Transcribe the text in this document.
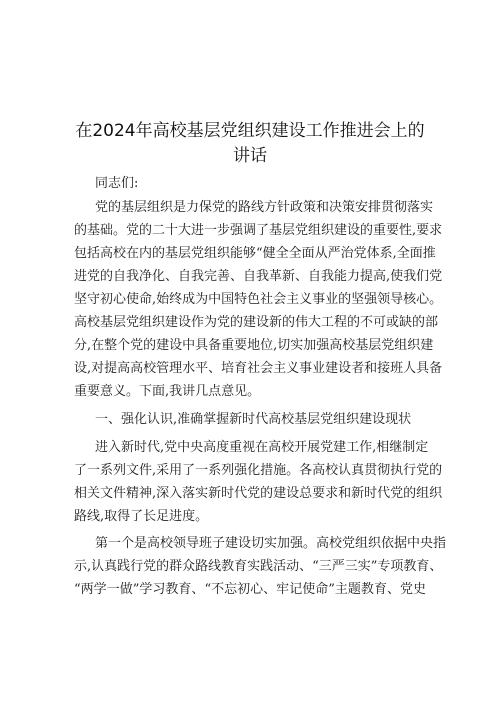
在2024年高校基层党组织建设工作推进会上的
讲话
同志们:
党的基层组织是力保党的路线方针政策和决策安排贯彻落实
的基础。党的二十大进一步强调了基层党组织建设的重要性,要求
包括高校在内的基层党组织能够“健全全面从严治党体系,全面推
进党的自我净化、自我完善、自我革新、自我能力提高,使我们党
坚守初心使命,始终成为中国特色社会主义事业的坚强领导核心。
高校基层党组织建设作为党的建设新的伟大工程的不可或缺的部
分,在整个党的建设中具备重要地位,切实加强高校基层党组织建
设,对提高高校管理水平、培育社会主义事业建设者和接班人具备
重要意义。下面,我讲几点意见。
一、强化认识,准确掌握新时代高校基层党组织建设现状
进入新时代,党中央高度重视在高校开展党建工作,相继制定
了一系列文件,采用了一系列强化措施。各高校认真贯彻执行党的
相关文件精神,深入落实新时代党的建设总要求和新时代党的组织
路线,取得了长足进度。
第一个是高校领导班子建设切实加强。高校党组织依据中央指
示,认真践行党的群众路线教育实践活动、“三严三实”专项教育、
“两学一做”学习教育、“不忘初心、牢记使命”主题教育、党史
